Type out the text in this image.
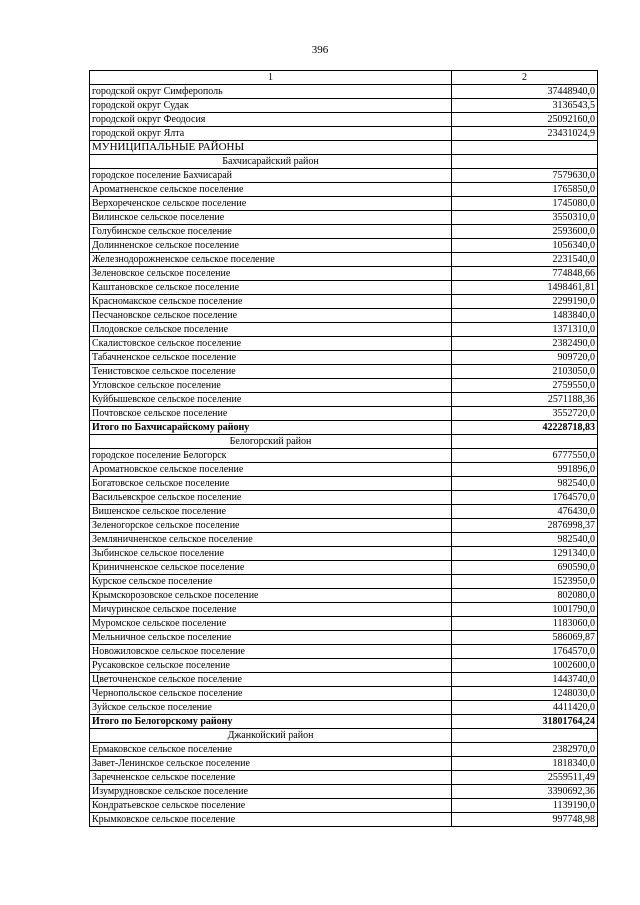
396
1	2
городской округ Симферополь	37448940,0
городской округ Судак	3136543,5
городской округ Феодосия	25092160,0
городской округ Ялта	23431024,9
МУНИЦИПАЛЬНЫЕ РАЙОНЫ	
Бахчисарайский район	
городское поселение Бахчисарай	7579630,0
Ароматненское сельское поселение	1765850,0
Верхореченское сельское поселение	1745080,0
Вилинское сельское поселение	3550310,0
Голубинское сельское поселение	2593600,0
Долинненское сельское поселение	1056340,0
Железнодорожненское сельское поселение	2231540,0
Зеленовское сельское поселение	774848,66
Каштановское сельское поселение	1498461,81
Красномакское сельское поселение	2299190,0
Песчановское сельское поселение	1483840,0
Плодовское сельское поселение	1371310,0
Скалистовское сельское поселение	2382490,0
Табачненское сельское поселение	909720,0
Тенистовское сельское поселение	2103050,0
Угловское сельское поселение	2759550,0
Куйбышевское сельское поселение	2571188,36
Почтовское сельское поселение	3552720,0
Итого по Бахчисарайскому району	42228718,83
Белогорский район	
городское поселение Белогорск	6777550,0
Ароматновское сельское поселение	991896,0
Богатовское сельское поселение	982540,0
Васильевскроe сельское поселение	1764570,0
Вишенское сельское поселение	476430,0
Зеленогорское сельское поселение	2876998,37
Земляничненское сельское поселение	982540,0
Зыбинское сельское поселение	1291340,0
Криничненское сельское поселение	690590,0
Курское сельское поселение	1523950,0
Крымскорозовское сельское поселение	802080,0
Мичуринское сельское поселение	1001790,0
Муромское сельское поселение	1183060,0
Мельничное сельское поселение	586069,87
Новожиловское сельское поселение	1764570,0
Русаковское сельское поселение	1002600,0
Цветочненское сельское поселение	1443740,0
Чернопольское сельское поселение	1248030,0
Зуйское сельское поселение	4411420,0
Итого по Белогорскому району	31801764,24
Джанкойский район	
Ермаковское сельское поселение	2382970,0
Завет-Ленинское сельское поселение	1818340,0
Заречненское сельское поселение	2559511,49
Изумрудновское сельское поселение	3390692,36
Кондратьевское сельское поселение	1139190,0
Крымковское сельское поселение	997748,98
